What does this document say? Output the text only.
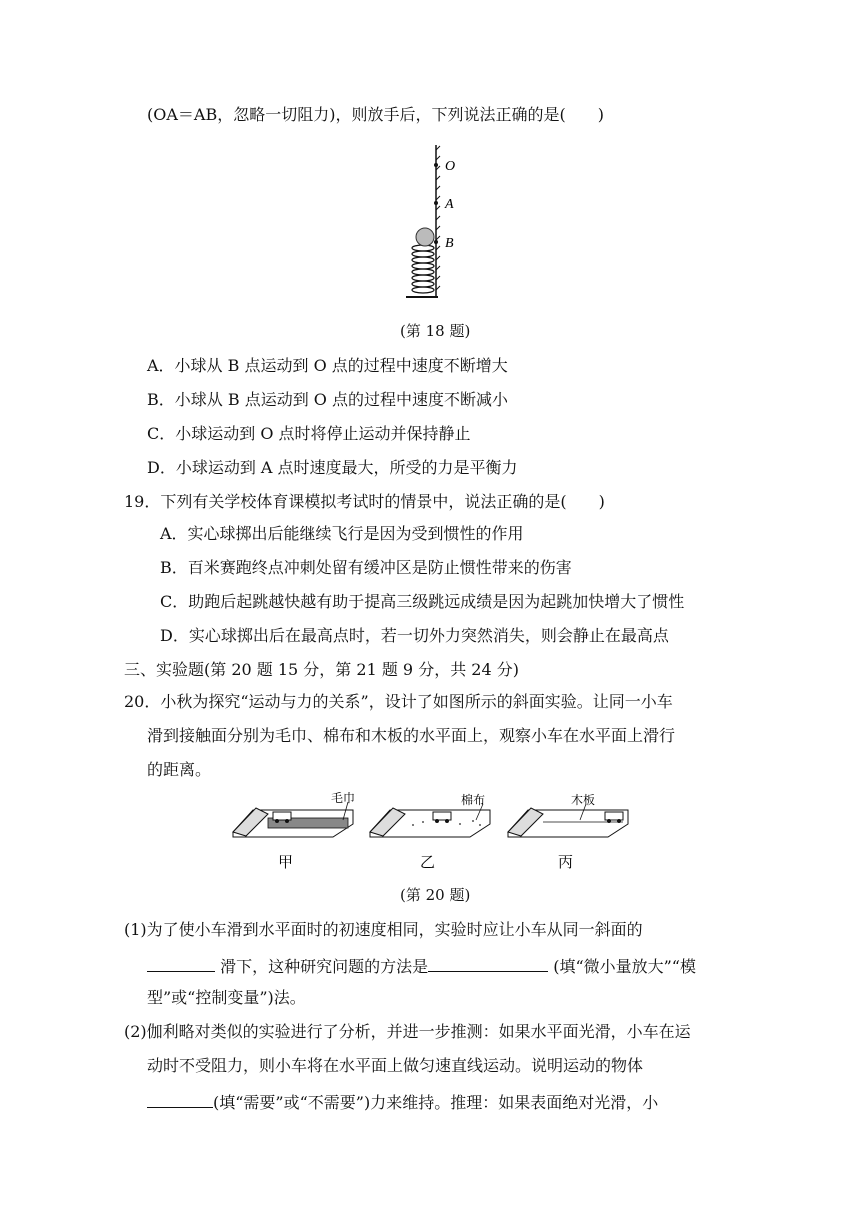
(OA＝AB，忽略一切阻力)，则放手后，下列说法正确的是(　　)
O
A
B
(第 18 题)
A．小球从 B 点运动到 O 点的过程中速度不断增大
B．小球从 B 点运动到 O 点的过程中速度不断减小
C．小球运动到 O 点时将停止运动并保持静止
D．小球运动到 A 点时速度最大，所受的力是平衡力
19．下列有关学校体育课模拟考试时的情景中，说法正确的是(　　)
A．实心球掷出后能继续飞行是因为受到惯性的作用
B．百米赛跑终点冲刺处留有缓冲区是防止惯性带来的伤害
C．助跑后起跳越快越有助于提高三级跳远成绩是因为起跳加快增大了惯性
D．实心球掷出后在最高点时，若一切外力突然消失，则会静止在最高点
三、实验题(第 20 题 15 分，第 21 题 9 分，共 24 分)
20．小秋为探究“运动与力的关系”，设计了如图所示的斜面实验。让同一小车
滑到接触面分别为毛巾、棉布和木板的水平面上，观察小车在水平面上滑行
的距离。
毛巾	棉布	木板
甲	乙	丙
(第 20 题)
(1)为了使小车滑到水平面时的初速度相同，实验时应让小车从同一斜面的
滑下，这种研究问题的方法是	(填“微小量放大”“模
型”或“控制变量”)法。
(2)伽利略对类似的实验进行了分析，并进一步推测：如果水平面光滑，小车在运
动时不受阻力，则小车将在水平面上做匀速直线运动。说明运动的物体
(填“需要”或“不需要”)力来维持。推理：如果表面绝对光滑，小
